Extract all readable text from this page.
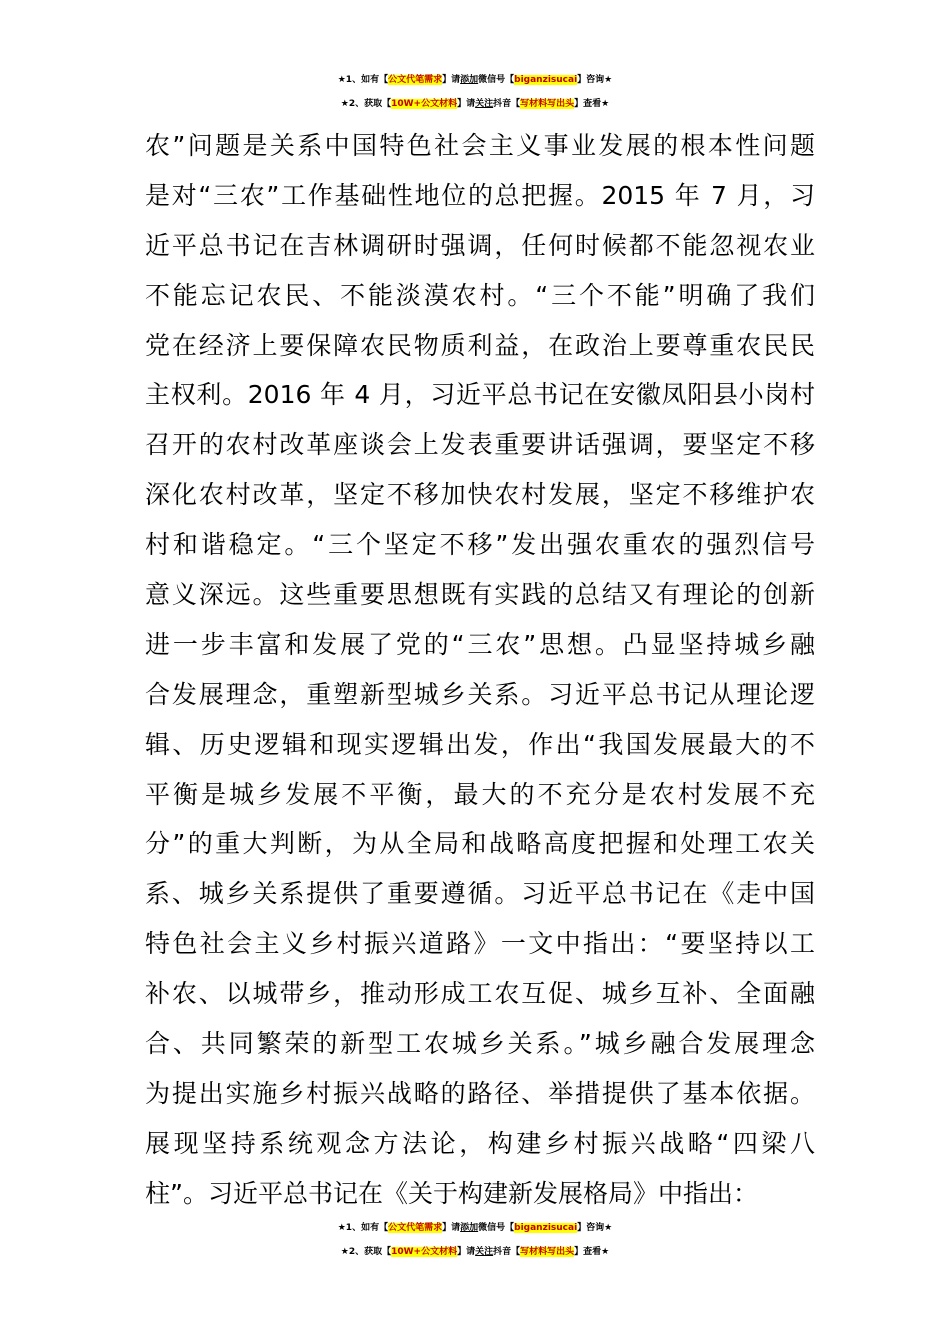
★1、如有【公文代笔需求】请添加微信号【biganzisucai】咨询★
★2、获取【10W+公文材料】请关注抖音【写材料写出头】查看★
农”问题是关系中国特色社会主义事业发展的根本性问题
是对“三农”工作基础性地位的总把握。2015 年 7 月，习
近平总书记在吉林调研时强调，任何时候都不能忽视农业
不能忘记农民、不能淡漠农村。“三个不能”明确了我们
党在经济上要保障农民物质利益，在政治上要尊重农民民
主权利。2016 年 4 月，习近平总书记在安徽凤阳县小岗村
召开的农村改革座谈会上发表重要讲话强调，要坚定不移
深化农村改革，坚定不移加快农村发展，坚定不移维护农
村和谐稳定。“三个坚定不移”发出强农重农的强烈信号
意义深远。这些重要思想既有实践的总结又有理论的创新
进一步丰富和发展了党的“三农”思想。凸显坚持城乡融
合发展理念，重塑新型城乡关系。习近平总书记从理论逻
辑、历史逻辑和现实逻辑出发，作出“我国发展最大的不
平衡是城乡发展不平衡，最大的不充分是农村发展不充
分”的重大判断，为从全局和战略高度把握和处理工农关
系、城乡关系提供了重要遵循。习近平总书记在《走中国
特色社会主义乡村振兴道路》一文中指出：“要坚持以工
补农、以城带乡，推动形成工农互促、城乡互补、全面融
合、共同繁荣的新型工农城乡关系。”城乡融合发展理念
为提出实施乡村振兴战略的路径、举措提供了基本依据。
展现坚持系统观念方法论，构建乡村振兴战略“四梁八
柱”。习近平总书记在《关于构建新发展格局》中指出：
★1、如有【公文代笔需求】请添加微信号【biganzisucai】咨询★
★2、获取【10W+公文材料】请关注抖音【写材料写出头】查看★
